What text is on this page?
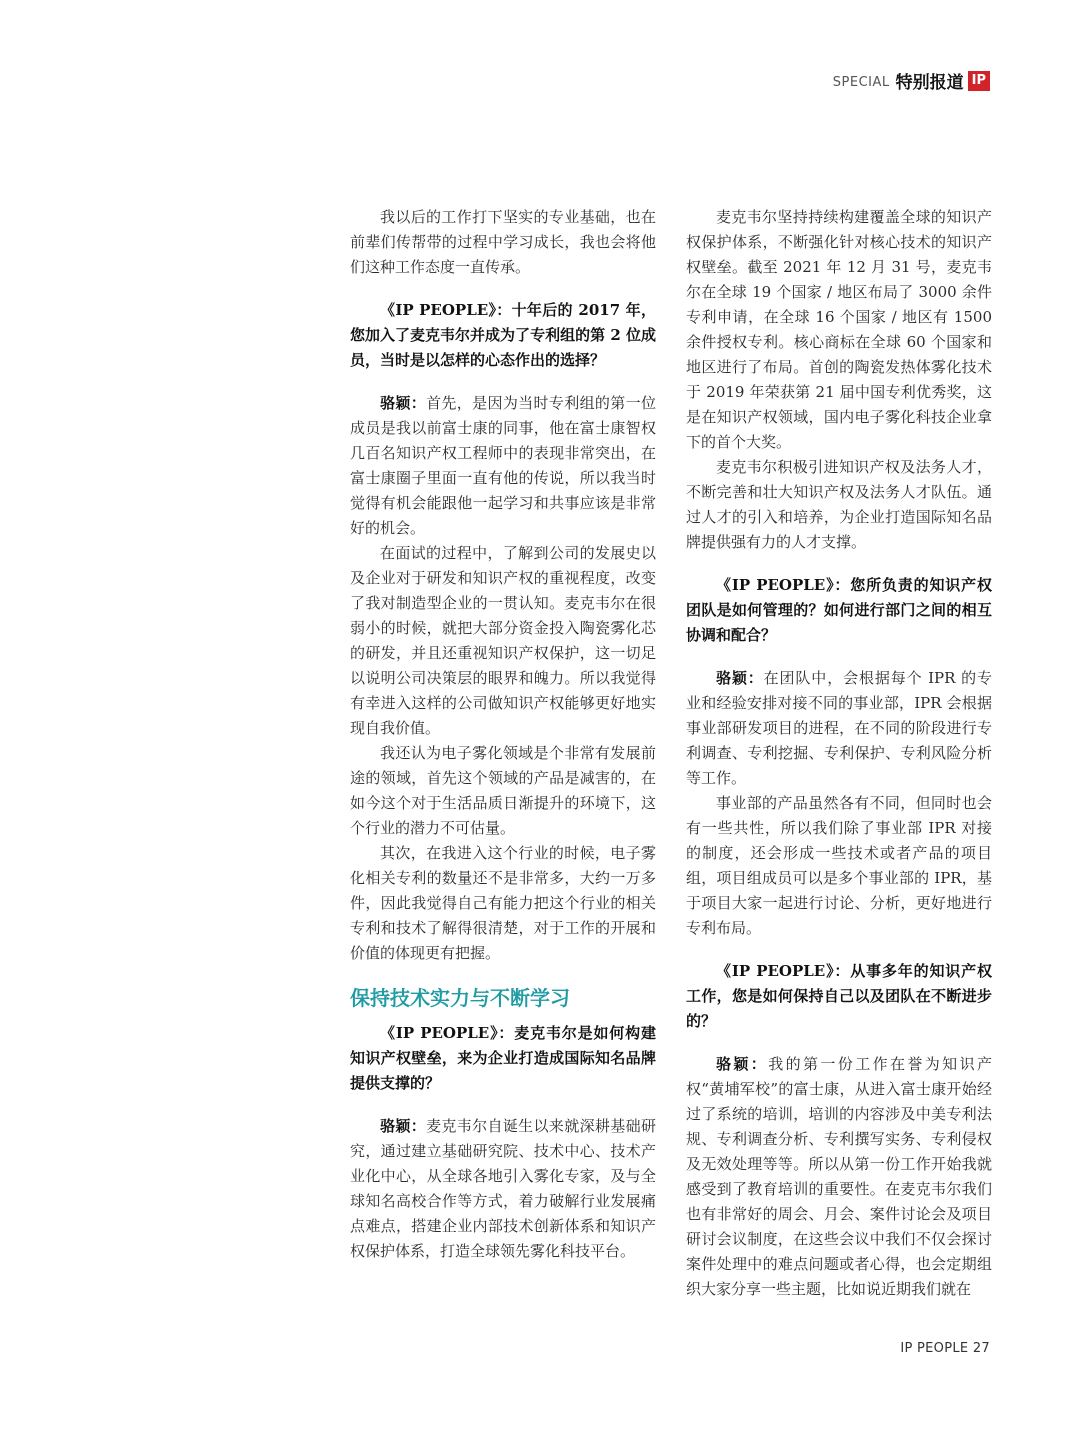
SPECIAL 特别报道 IP

我以后的工作打下坚实的专业基础，也在前辈们传帮带的过程中学习成长，我也会将他们这种工作态度一直传承。

《IP PEOPLE》：十年后的 2017 年，您加入了麦克韦尔并成为了专利组的第 2 位成员，当时是以怎样的心态作出的选择？

骆颖：首先，是因为当时专利组的第一位成员是我以前富士康的同事，他在富士康智权几百名知识产权工程师中的表现非常突出，在富士康圈子里面一直有他的传说，所以我当时觉得有机会能跟他一起学习和共事应该是非常好的机会。

在面试的过程中，了解到公司的发展史以及企业对于研发和知识产权的重视程度，改变了我对制造型企业的一贯认知。麦克韦尔在很弱小的时候，就把大部分资金投入陶瓷雾化芯的研发，并且还重视知识产权保护，这一切足以说明公司决策层的眼界和魄力。所以我觉得有幸进入这样的公司做知识产权能够更好地实现自我价值。

我还认为电子雾化领域是个非常有发展前途的领域，首先这个领域的产品是减害的，在如今这个对于生活品质日渐提升的环境下，这个行业的潜力不可估量。

其次，在我进入这个行业的时候，电子雾化相关专利的数量还不是非常多，大约一万多件，因此我觉得自己有能力把这个行业的相关专利和技术了解得很清楚，对于工作的开展和价值的体现更有把握。

保持技术实力与不断学习

《IP PEOPLE》：麦克韦尔是如何构建知识产权壁垒，来为企业打造成国际知名品牌提供支撑的？

骆颖：麦克韦尔自诞生以来就深耕基础研究，通过建立基础研究院、技术中心、技术产业化中心，从全球各地引入雾化专家，及与全球知名高校合作等方式，着力破解行业发展痛点难点，搭建企业内部技术创新体系和知识产权保护体系，打造全球领先雾化科技平台。

麦克韦尔坚持持续构建覆盖全球的知识产权保护体系，不断强化针对核心技术的知识产权壁垒。截至 2021 年 12 月 31 号，麦克韦尔在全球 19 个国家 / 地区布局了 3000 余件专利申请，在全球 16 个国家 / 地区有 1500 余件授权专利。核心商标在全球 60 个国家和地区进行了布局。首创的陶瓷发热体雾化技术于 2019 年荣获第 21 届中国专利优秀奖，这是在知识产权领域，国内电子雾化科技企业拿下的首个大奖。

麦克韦尔积极引进知识产权及法务人才，不断完善和壮大知识产权及法务人才队伍。通过人才的引入和培养，为企业打造国际知名品牌提供强有力的人才支撑。

《IP PEOPLE》：您所负责的知识产权团队是如何管理的？如何进行部门之间的相互协调和配合？

骆颖：在团队中，会根据每个 IPR 的专业和经验安排对接不同的事业部，IPR 会根据事业部研发项目的进程，在不同的阶段进行专利调查、专利挖掘、专利保护、专利风险分析等工作。

事业部的产品虽然各有不同，但同时也会有一些共性，所以我们除了事业部 IPR 对接的制度，还会形成一些技术或者产品的项目组，项目组成员可以是多个事业部的 IPR，基于项目大家一起进行讨论、分析，更好地进行专利布局。

《IP PEOPLE》：从事多年的知识产权工作，您是如何保持自己以及团队在不断进步的？

骆颖：我的第一份工作在誉为知识产权“黄埔军校”的富士康，从进入富士康开始经过了系统的培训，培训的内容涉及中美专利法规、专利调查分析、专利撰写实务、专利侵权及无效处理等等。所以从第一份工作开始我就感受到了教育培训的重要性。在麦克韦尔我们也有非常好的周会、月会、案件讨论会及项目研讨会议制度，在这些会议中我们不仅会探讨案件处理中的难点问题或者心得，也会定期组织大家分享一些主题，比如说近期我们就在

IP PEOPLE 27
